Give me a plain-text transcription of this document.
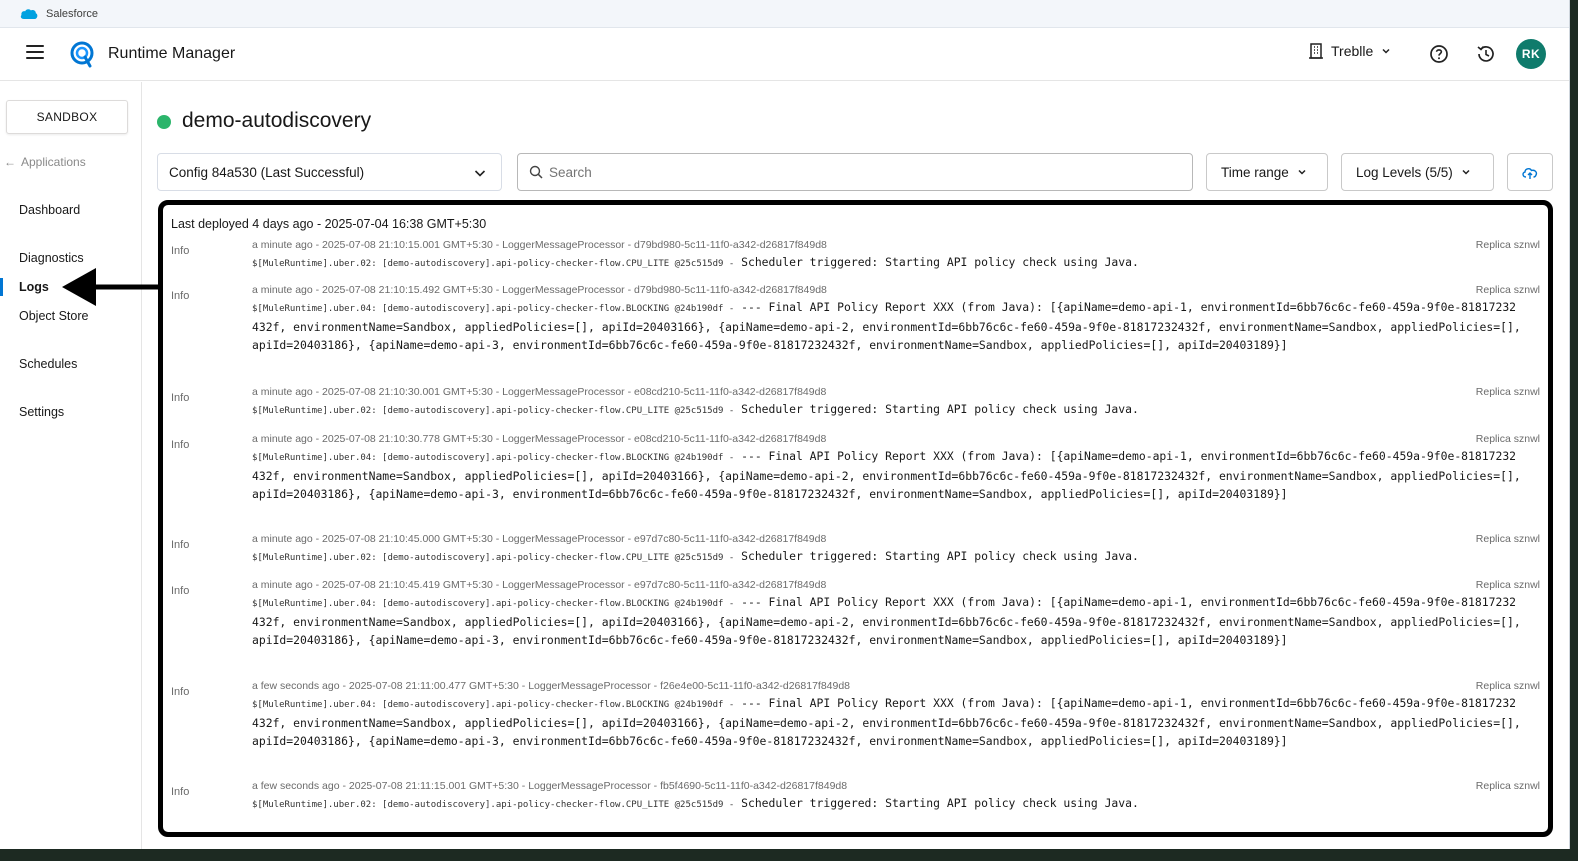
Salesforce
Runtime Manager	Treblle	RK
SANDBOX
← Applications
Dashboard
Diagnostics
Logs
Object Store
Schedules
Settings
demo-autodiscovery
Config 84a530 (Last Successful)
Search	Time range	Log Levels (5/5)
Last deployed 4 days ago - 2025-07-04 16:38 GMT+5:30
Info	a minute ago - 2025-07-08 21:10:15.001 GMT+5:30 - LoggerMessageProcessor - d79bd980-5c11-11f0-a342-d26817f849d8	Replica sznwl
$[MuleRuntime].uber.02: [demo-autodiscovery].api-policy-checker-flow.CPU_LITE @25c515d9 - Scheduler triggered: Starting API policy check using Java.
Info	a minute ago - 2025-07-08 21:10:15.492 GMT+5:30 - LoggerMessageProcessor - d79bd980-5c11-11f0-a342-d26817f849d8	Replica sznwl
$[MuleRuntime].uber.04: [demo-autodiscovery].api-policy-checker-flow.BLOCKING @24b190df - --- Final API Policy Report XXX (from Java): [{apiName=demo-api-1, environmentId=6bb76c6c-fe60-459a-9f0e-81817232432f, environmentName=Sandbox, appliedPolicies=[], apiId=20403166}, {apiName=demo-api-2, environmentId=6bb76c6c-fe60-459a-9f0e-81817232432f, environmentName=Sandbox, appliedPolicies=[], apiId=20403186}, {apiName=demo-api-3, environmentId=6bb76c6c-fe60-459a-9f0e-81817232432f, environmentName=Sandbox, appliedPolicies=[], apiId=20403189}]
Info	a minute ago - 2025-07-08 21:10:30.001 GMT+5:30 - LoggerMessageProcessor - e08cd210-5c11-11f0-a342-d26817f849d8	Replica sznwl
$[MuleRuntime].uber.02: [demo-autodiscovery].api-policy-checker-flow.CPU_LITE @25c515d9 - Scheduler triggered: Starting API policy check using Java.
Info	a minute ago - 2025-07-08 21:10:30.778 GMT+5:30 - LoggerMessageProcessor - e08cd210-5c11-11f0-a342-d26817f849d8	Replica sznwl
$[MuleRuntime].uber.04: [demo-autodiscovery].api-policy-checker-flow.BLOCKING @24b190df - --- Final API Policy Report XXX (from Java): [{apiName=demo-api-1, environmentId=6bb76c6c-fe60-459a-9f0e-81817232432f, environmentName=Sandbox, appliedPolicies=[], apiId=20403166}, {apiName=demo-api-2, environmentId=6bb76c6c-fe60-459a-9f0e-81817232432f, environmentName=Sandbox, appliedPolicies=[], apiId=20403186}, {apiName=demo-api-3, environmentId=6bb76c6c-fe60-459a-9f0e-81817232432f, environmentName=Sandbox, appliedPolicies=[], apiId=20403189}]
Info	a minute ago - 2025-07-08 21:10:45.000 GMT+5:30 - LoggerMessageProcessor - e97d7c80-5c11-11f0-a342-d26817f849d8	Replica sznwl
$[MuleRuntime].uber.02: [demo-autodiscovery].api-policy-checker-flow.CPU_LITE @25c515d9 - Scheduler triggered: Starting API policy check using Java.
Info	a minute ago - 2025-07-08 21:10:45.419 GMT+5:30 - LoggerMessageProcessor - e97d7c80-5c11-11f0-a342-d26817f849d8	Replica sznwl
$[MuleRuntime].uber.04: [demo-autodiscovery].api-policy-checker-flow.BLOCKING @24b190df - --- Final API Policy Report XXX (from Java): [{apiName=demo-api-1, environmentId=6bb76c6c-fe60-459a-9f0e-81817232432f, environmentName=Sandbox, appliedPolicies=[], apiId=20403166}, {apiName=demo-api-2, environmentId=6bb76c6c-fe60-459a-9f0e-81817232432f, environmentName=Sandbox, appliedPolicies=[], apiId=20403186}, {apiName=demo-api-3, environmentId=6bb76c6c-fe60-459a-9f0e-81817232432f, environmentName=Sandbox, appliedPolicies=[], apiId=20403189}]
Info	a few seconds ago - 2025-07-08 21:11:00.477 GMT+5:30 - LoggerMessageProcessor - f26e4e00-5c11-11f0-a342-d26817f849d8	Replica sznwl
$[MuleRuntime].uber.04: [demo-autodiscovery].api-policy-checker-flow.BLOCKING @24b190df - --- Final API Policy Report XXX (from Java): [{apiName=demo-api-1, environmentId=6bb76c6c-fe60-459a-9f0e-81817232432f, environmentName=Sandbox, appliedPolicies=[], apiId=20403166}, {apiName=demo-api-2, environmentId=6bb76c6c-fe60-459a-9f0e-81817232432f, environmentName=Sandbox, appliedPolicies=[], apiId=20403186}, {apiName=demo-api-3, environmentId=6bb76c6c-fe60-459a-9f0e-81817232432f, environmentName=Sandbox, appliedPolicies=[], apiId=20403189}]
Info	a few seconds ago - 2025-07-08 21:11:15.001 GMT+5:30 - LoggerMessageProcessor - fb5f4690-5c11-11f0-a342-d26817f849d8	Replica sznwl
$[MuleRuntime].uber.02: [demo-autodiscovery].api-policy-checker-flow.CPU_LITE @25c515d9 - Scheduler triggered: Starting API policy check using Java.
